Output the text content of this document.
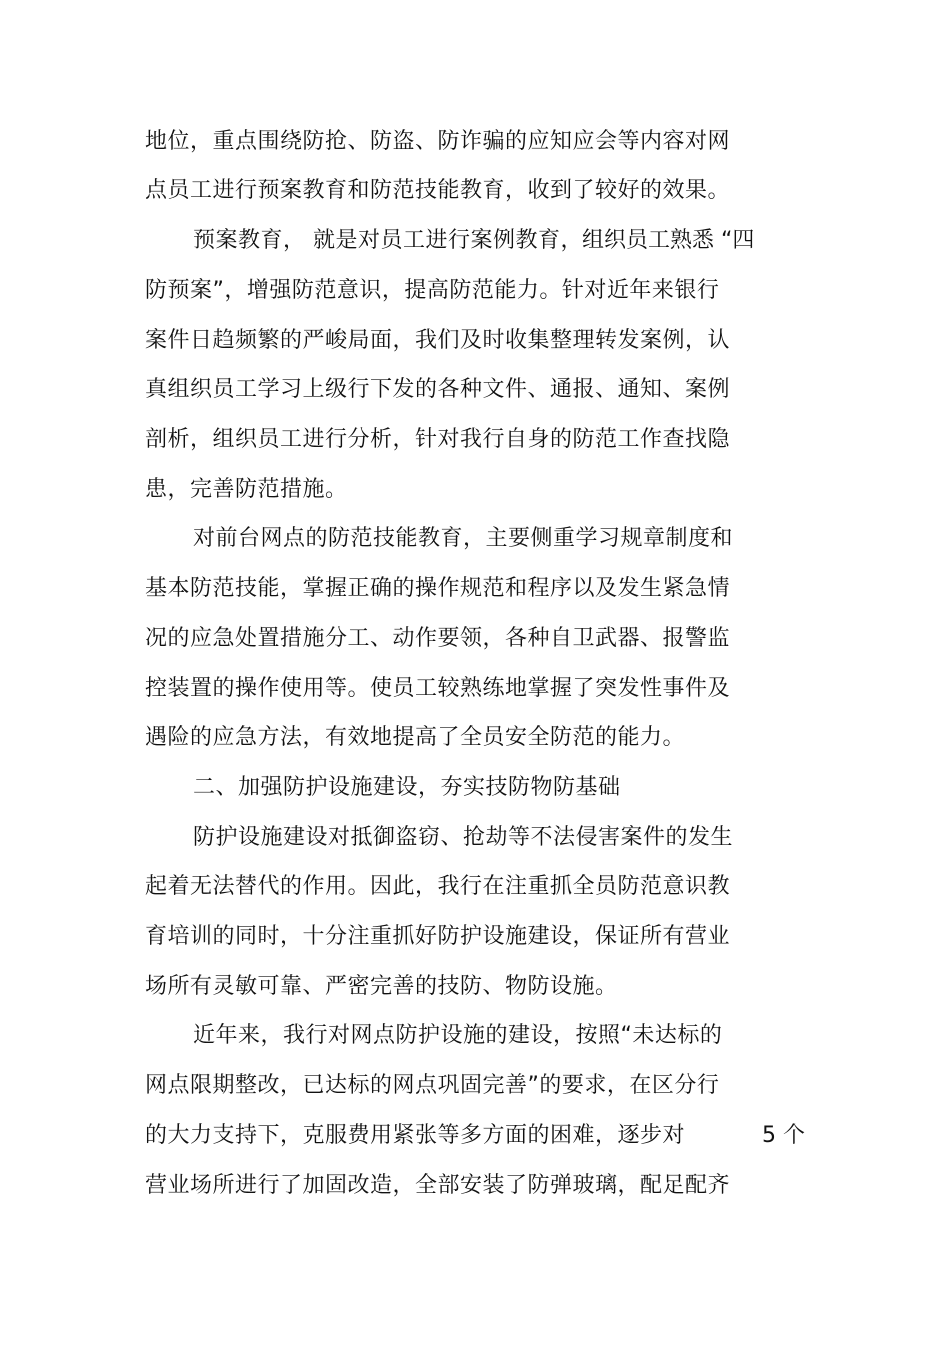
地位，重点围绕防抢、防盗、防诈骗的应知应会等内容对网
点员工进行预案教育和防范技能教育，收到了较好的效果。
预案教育， 就是对员工进行案例教育， 组织员工熟悉 “四
防预案”，增强防范意识，提高防范能力。针对近年来银行
案件日趋频繁的严峻局面，我们及时收集整理转发案例，认
真组织员工学习上级行下发的各种文件、通报、通知、案例
剖析，组织员工进行分析，针对我行自身的防范工作查找隐
患，完善防范措施。
对前台网点的防范技能教育，主要侧重学习规章制度和
基本防范技能，掌握正确的操作规范和程序以及发生紧急情
况的应急处置措施分工、动作要领，各种自卫武器、报警监
控装置的操作使用等。使员工较熟练地掌握了突发性事件及
遇险的应急方法，有效地提高了全员安全防范的能力。
二、加强防护设施建设，夯实技防物防基础
防护设施建设对抵御盗窃、抢劫等不法侵害案件的发生
起着无法替代的作用。因此，我行在注重抓全员防范意识教
育培训的同时，十分注重抓好防护设施建设，保证所有营业
场所有灵敏可靠、严密完善的技防、物防设施。
近年来，我行对网点防护设施的建设，按照“未达标的
网点限期整改，已达标的网点巩固完善”的要求，在区分行
的大力支持下，克服费用紧张等多方面的困难，逐步对	5 个
营业场所进行了加固改造，全部安装了防弹玻璃，配足配齐
